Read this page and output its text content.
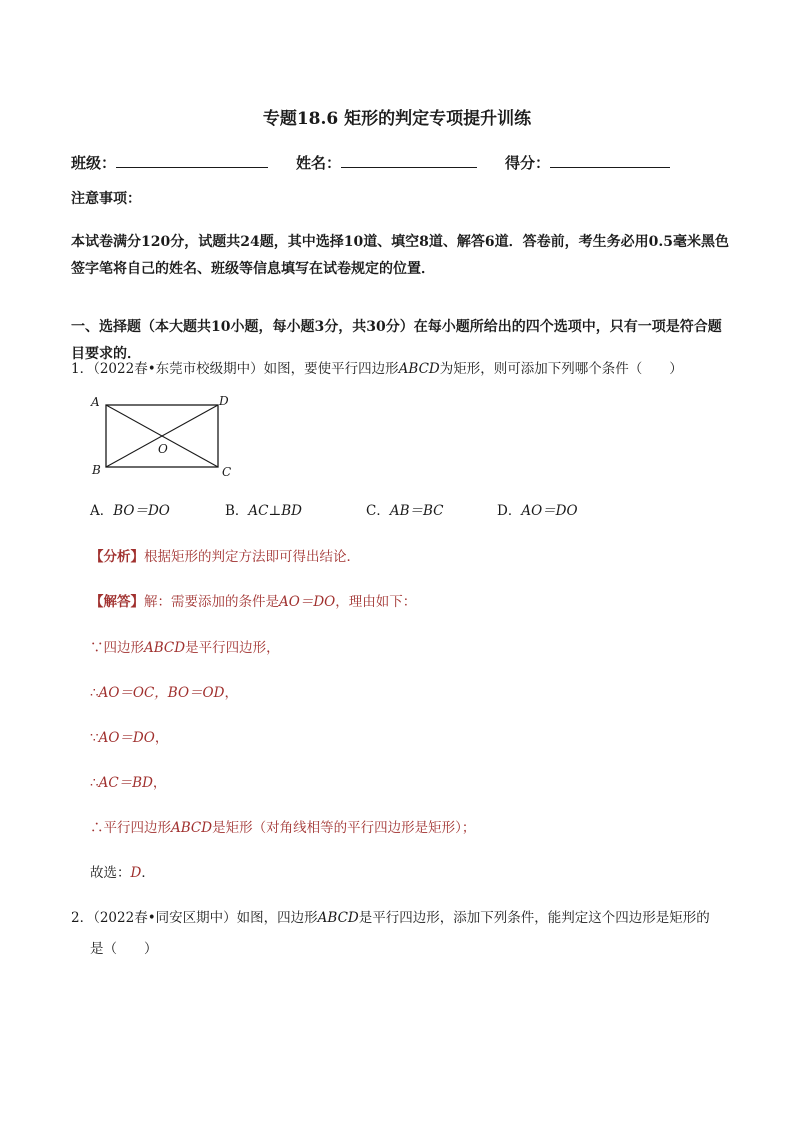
专题18.6 矩形的判定专项提升训练
班级：	姓名：	得分：
注意事项：
本试卷满分120分，试题共24题，其中选择10道、填空8道、解答6道．答卷前，考生务必用0.5毫米黑色签字笔将自己的姓名、班级等信息填写在试卷规定的位置．
一、选择题（本大题共10小题，每小题3分，共30分）在每小题所给出的四个选项中，只有一项是符合题目要求的．
1．（2022春•东莞市校级期中）如图，要使平行四边形ABCD为矩形，则可添加下列哪个条件（　　）
A	D
B	C
O
A．BO＝DO	B．AC⊥BD	C．AB＝BC	D．AO＝DO
【分析】根据矩形的判定方法即可得出结论．
【解答】解：需要添加的条件是AO＝DO，理由如下：
∵四边形ABCD是平行四边形，
∴AO＝OC，BO＝OD，
∵AO＝DO，
∴AC＝BD，
∴平行四边形ABCD是矩形（对角线相等的平行四边形是矩形）；
故选：D．
2．（2022春•同安区期中）如图，四边形ABCD是平行四边形，添加下列条件，能判定这个四边形是矩形的
是（　　）
